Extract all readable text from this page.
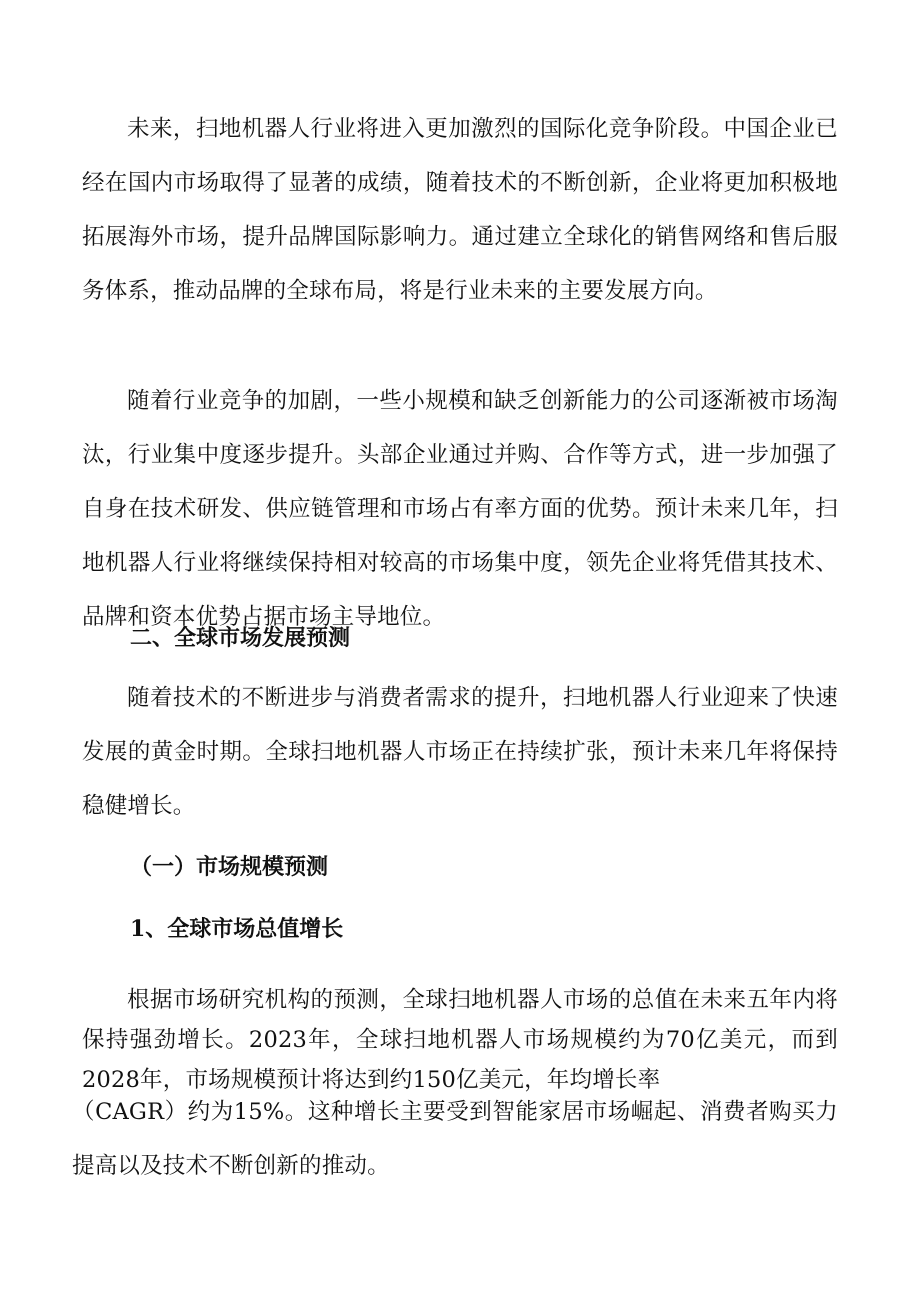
未来，扫地机器人行业将进入更加激烈的国际化竞争阶段。中国企业已经在国内市场取得了显著的成绩，随着技术的不断创新，企业将更加积极地拓展海外市场，提升品牌国际影响力。通过建立全球化的销售网络和售后服务体系，推动品牌的全球布局，将是行业未来的主要发展方向。

随着行业竞争的加剧，一些小规模和缺乏创新能力的公司逐渐被市场淘汰，行业集中度逐步提升。头部企业通过并购、合作等方式，进一步加强了自身在技术研发、供应链管理和市场占有率方面的优势。预计未来几年，扫地机器人行业将继续保持相对较高的市场集中度，领先企业将凭借其技术、品牌和资本优势占据市场主导地位。

二、全球市场发展预测

随着技术的不断进步与消费者需求的提升，扫地机器人行业迎来了快速发展的黄金时期。全球扫地机器人市场正在持续扩张，预计未来几年将保持稳健增长。

（一）市场规模预测
1、全球市场总值增长

根据市场研究机构的预测，全球扫地机器人市场的总值在未来五年内将保持强劲增长。2023年，全球扫地机器人市场规模约为70亿美元，而到2028年，市场规模预计将达到约150亿美元，年均增长率

（CAGR）约为15%。这种增长主要受到智能家居市场崛起、消费者购买力提高以及技术不断创新的推动。
